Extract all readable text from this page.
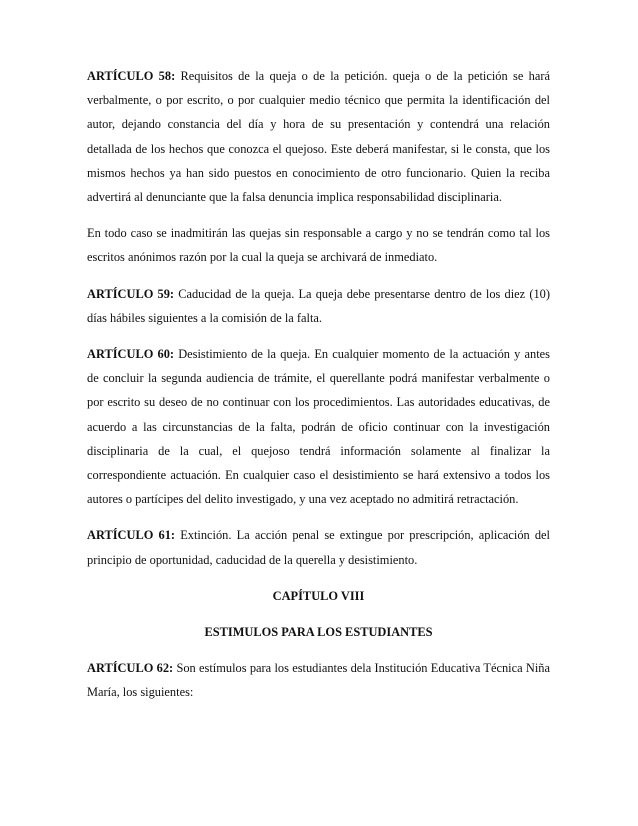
ARTÍCULO 58: Requisitos de la queja o de la petición. queja o de la petición se hará verbalmente, o por escrito, o por cualquier medio técnico que permita la identificación del autor, dejando constancia del día y hora de su presentación y contendrá una relación detallada de los hechos que conozca el quejoso. Este deberá manifestar, si le consta, que los mismos hechos ya han sido puestos en conocimiento de otro funcionario. Quien la reciba advertirá al denunciante que la falsa denuncia implica responsabilidad disciplinaria.

En todo caso se inadmitirán las quejas sin responsable a cargo y no se tendrán como tal los escritos anónimos razón por la cual la queja se archivará de inmediato.

ARTÍCULO 59: Caducidad de la queja. La queja debe presentarse dentro de los diez (10) días hábiles siguientes a la comisión de la falta.

ARTÍCULO 60: Desistimiento de la queja. En cualquier momento de la actuación y antes de concluir la segunda audiencia de trámite, el querellante podrá manifestar verbalmente o por escrito su deseo de no continuar con los procedimientos. Las autoridades educativas, de acuerdo a las circunstancias de la falta, podrán de oficio continuar con la investigación disciplinaria de la cual, el quejoso tendrá información solamente al finalizar la correspondiente actuación. En cualquier caso el desistimiento se hará extensivo a todos los autores o partícipes del delito investigado, y una vez aceptado no admitirá retractación.

ARTÍCULO 61: Extinción. La acción penal se extingue por prescripción, aplicación del principio de oportunidad, caducidad de la querella y desistimiento.

CAPÍTULO VIII

ESTIMULOS PARA LOS ESTUDIANTES

ARTÍCULO 62: Son estímulos para los estudiantes dela Institución Educativa Técnica Niña María, los siguientes:
